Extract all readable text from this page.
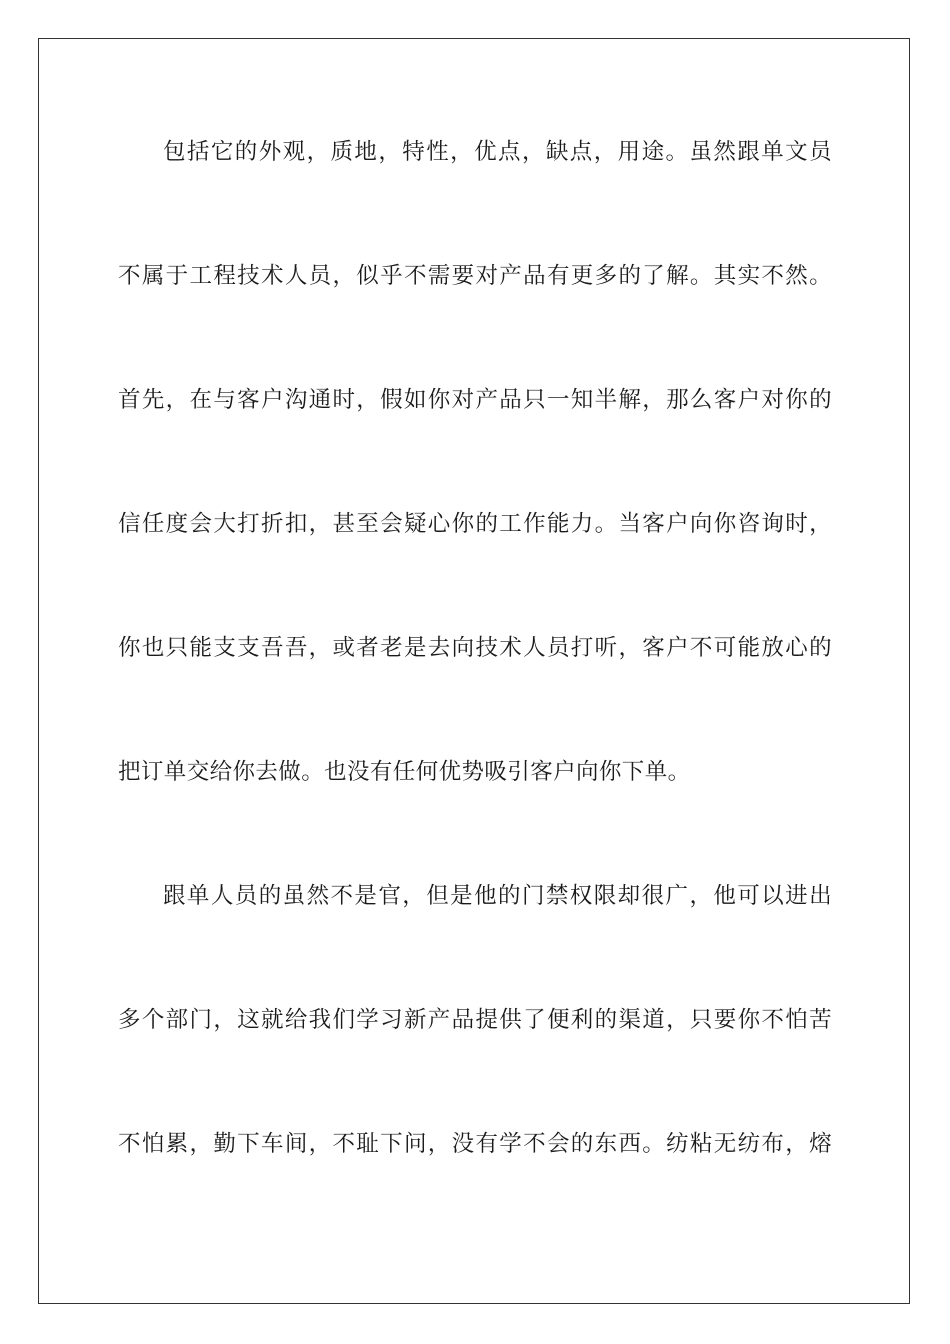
包括它的外观，质地，特性，优点，缺点，用途。虽然跟单文员
不属于工程技术人员，似乎不需要对产品有更多的了解。其实不然。
首先，在与客户沟通时，假如你对产品只一知半解，那么客户对你的
信任度会大打折扣，甚至会疑心你的工作能力。当客户向你咨询时，
你也只能支支吾吾，或者老是去向技术人员打听，客户不可能放心的
把订单交给你去做。也没有任何优势吸引客户向你下单。
跟单人员的虽然不是官，但是他的门禁权限却很广，他可以进出
多个部门，这就给我们学习新产品提供了便利的渠道，只要你不怕苦
不怕累，勤下车间，不耻下问，没有学不会的东西。纺粘无纺布，熔
